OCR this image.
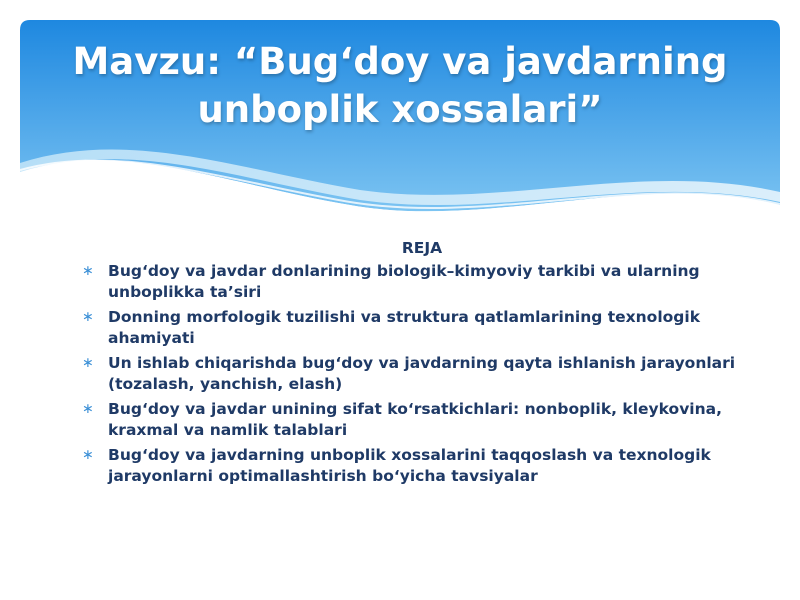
Mavzu: “Bug‘doy va javdarning
unboplik xossalari”
REJA
∗ Bug‘doy va javdar donlarining biologik–kimyoviy tarkibi va ularning unboplikka ta’siri
∗ Donning morfologik tuzilishi va struktura qatlamlarining texnologik ahamiyati
∗ Un ishlab chiqarishda bug‘doy va javdarning qayta ishlanish jarayonlari (tozalash, yanchish, elash)
∗ Bug‘doy va javdar unining sifat ko‘rsatkichlari: nonboplik, kleykovina, kraxmal va namlik talablari
∗ Bug‘doy va javdarning unboplik xossalarini taqqoslash va texnologik jarayonlarni optimallashtirish bo‘yicha tavsiyalar
